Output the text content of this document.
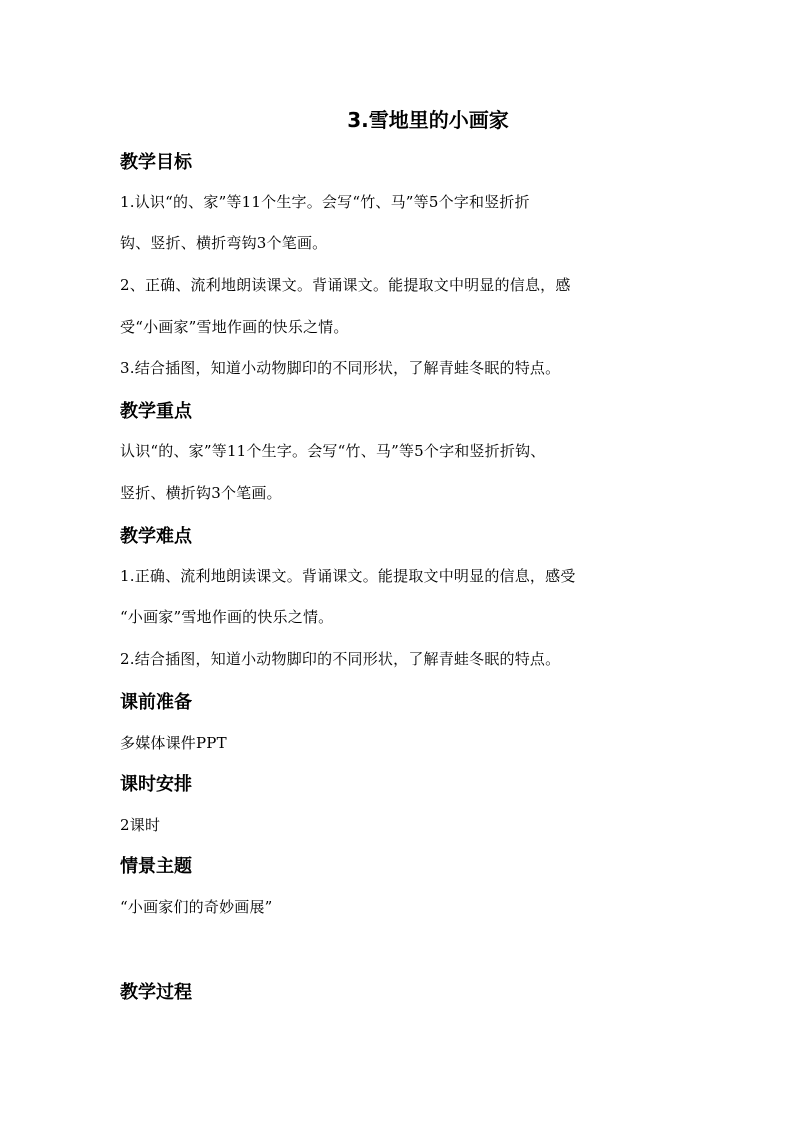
3.雪地里的小画家
教学目标
1.认识“的、家”等11个生字。会写“竹、马”等5个字和竖折折
钩、竖折、横折弯钩3个笔画。
2、正确、流利地朗读课文。背诵课文。能提取文中明显的信息，感
受“小画家”雪地作画的快乐之情。
3.结合插图，知道小动物脚印的不同形状，了解青蛙冬眠的特点。
教学重点
认识“的、家”等11个生字。会写“竹、马”等5个字和竖折折钩、
竖折、横折钩3个笔画。
教学难点
1.正确、流利地朗读课文。背诵课文。能提取文中明显的信息，感受
“小画家”雪地作画的快乐之情。
2.结合插图，知道小动物脚印的不同形状，了解青蛙冬眠的特点。
课前准备
多媒体课件PPT
课时安排
2课时
情景主题
“小画家们的奇妙画展”
教学过程
